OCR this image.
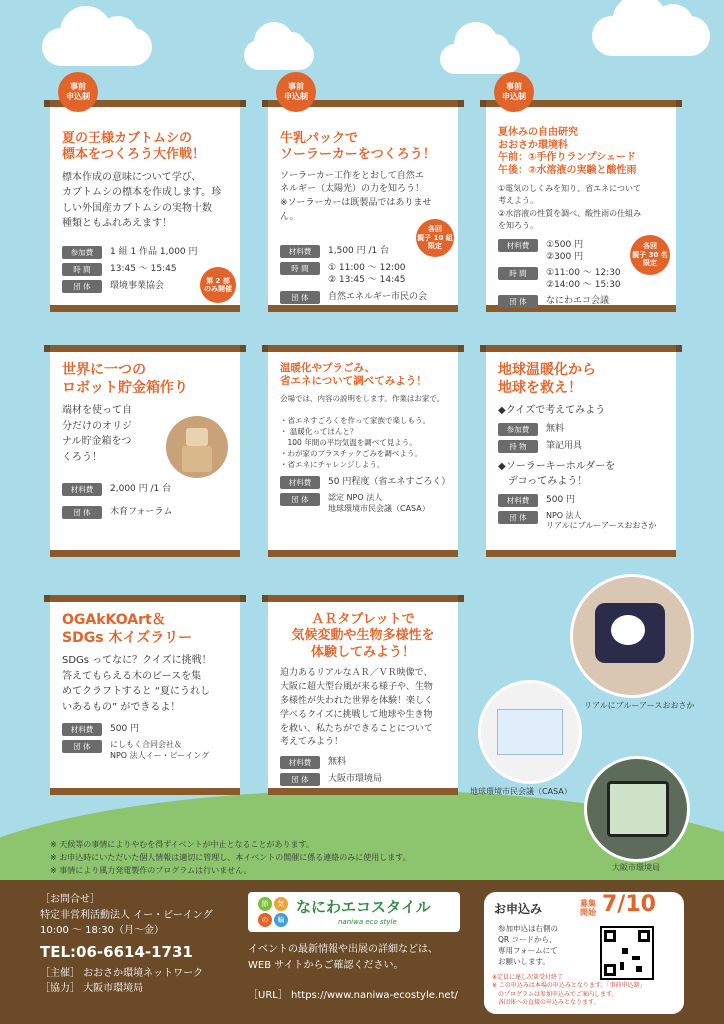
夏の王様カブトムシの
標本をつくろう大作戦！
標本作成の意味について学び、
カブトムシの標本を作成します。珍
しい外国産カブトムシの実物十数
種類ともふれあえます！
参加費	1 組 1 作品 1,000 円
時 間	13:45 〜 15:45
団 体	環境事業協会	第 2 部
のみ開催
事前
申込制
牛乳パックで
ソーラーカーをつくろう！
ソーラーカー工作をとおして自然エ
ネルギー（太陽光）の力を知ろう！
※ソーラーカーは既製品ではありません。
材料費	1,500 円 /1 台
時 間	① 11:00 〜 12:00
② 13:45 〜 14:45
団 体	自然エネルギー市民の会
各回
親子 10 組
限定
事前
申込制
夏休みの自由研究
おおさか環境科
午前：①手作りランプシェード
午後：②水溶液の実験と酸性雨
①電気のしくみを知り、省エネについて
考えよう。
②水溶液の性質を調べ、酸性雨の仕組み
を知ろう。
材料費	①500 円
②300 円
時 間	①11:00 〜 12:30
②14:00 〜 15:30
団 体	なにわエコ会議
各回
親子 30 名
限定
事前
申込制
世界に一つの
ロボット貯金箱作り
端材を使って自
分だけのオリジ
ナル貯金箱をつ
くろう！
材料費	2,000 円 /1 台
団 体	木育フォーラム
温暖化やプラごみ、
省エネについて調べてみよう！
会場では、内容の説明をします。作業はお家で。

・省エネすごろくを作って家族で楽しもう。
・ 温暖化ってほんと？
　100 年間の平均気温を調べて見よう。
・わが家のプラスチックごみを調べよう。
・省エネにチャレンジしよう。
材料費	50 円程度（省エネすごろく）
団 体	認定 NPO 法人
地球環境市民会議（CASA）
地球温暖化から
地球を救え！
◆クイズで考えてみよう
参加費	無料
持 物	筆記用具
◆ソーラーキーホルダーを
　デコってみよう！
材料費	500 円
団 体	NPO 法人
リアルにブルーアースおおさか
OGAkKOArt＆
SDGs 木イズラリー
SDGs ってなに？クイズに挑戦！
答えてもらえる木のピースを集
めてクラフトすると “夏にうれし
いあるもの” ができるよ！
材料費	500 円
団 体	にしもく合同会社＆
NPO 法人イー・ビーイング
ＡＲタブレットで
気候変動や生物多様性を
体験してみよう！
迫力あるリアルなＡＲ／ＶＲ映像で、
大阪に超大型台風が来る様子や、生物
多様性が失われた世界を体験！楽しく
学べるクイズに挑戦して地球や生き物
を救い、私たちができることについて
考えてみよう！
材料費	無料
団 体	大阪市環境局
リアルにブルーアースおおさか
地球環境市民会議（CASA）
大阪市環境局
※ 天候等の事情によりやむを得ずイベントが中止となることがあります。
※ お申込時にいただいた個人情報は適切に管理し、本イベントの開催に係る連絡のみに使用します。
※ 事情により風力発電製作のプログラムは行いません。
［お問合せ］
特定非営利活動法人 イー・ビーイング
10:00 〜 18:30（月〜金）
TEL:06-6614-1731
［主催］ おおさか環境ネットワーク
［協力］ 大阪市環境局
節	気
の	輪
なにわエコスタイル
naniwa eco style
イベントの最新情報や出展の詳細などは、
WEB サイトからご確認ください。
［URL］ https://www.naniwa-ecostyle.net/
お申込み	募集
開始 7/10
参加申込は右側の
QR コードから、
専用フォームにて
お願いします。
※定員に達し次第受付終了
※ この申込みは本場の申込みとなります。「事前申込制」
　のプログラムは参加申込みでご案内します。
　各団体への直接の申込みとなります。
